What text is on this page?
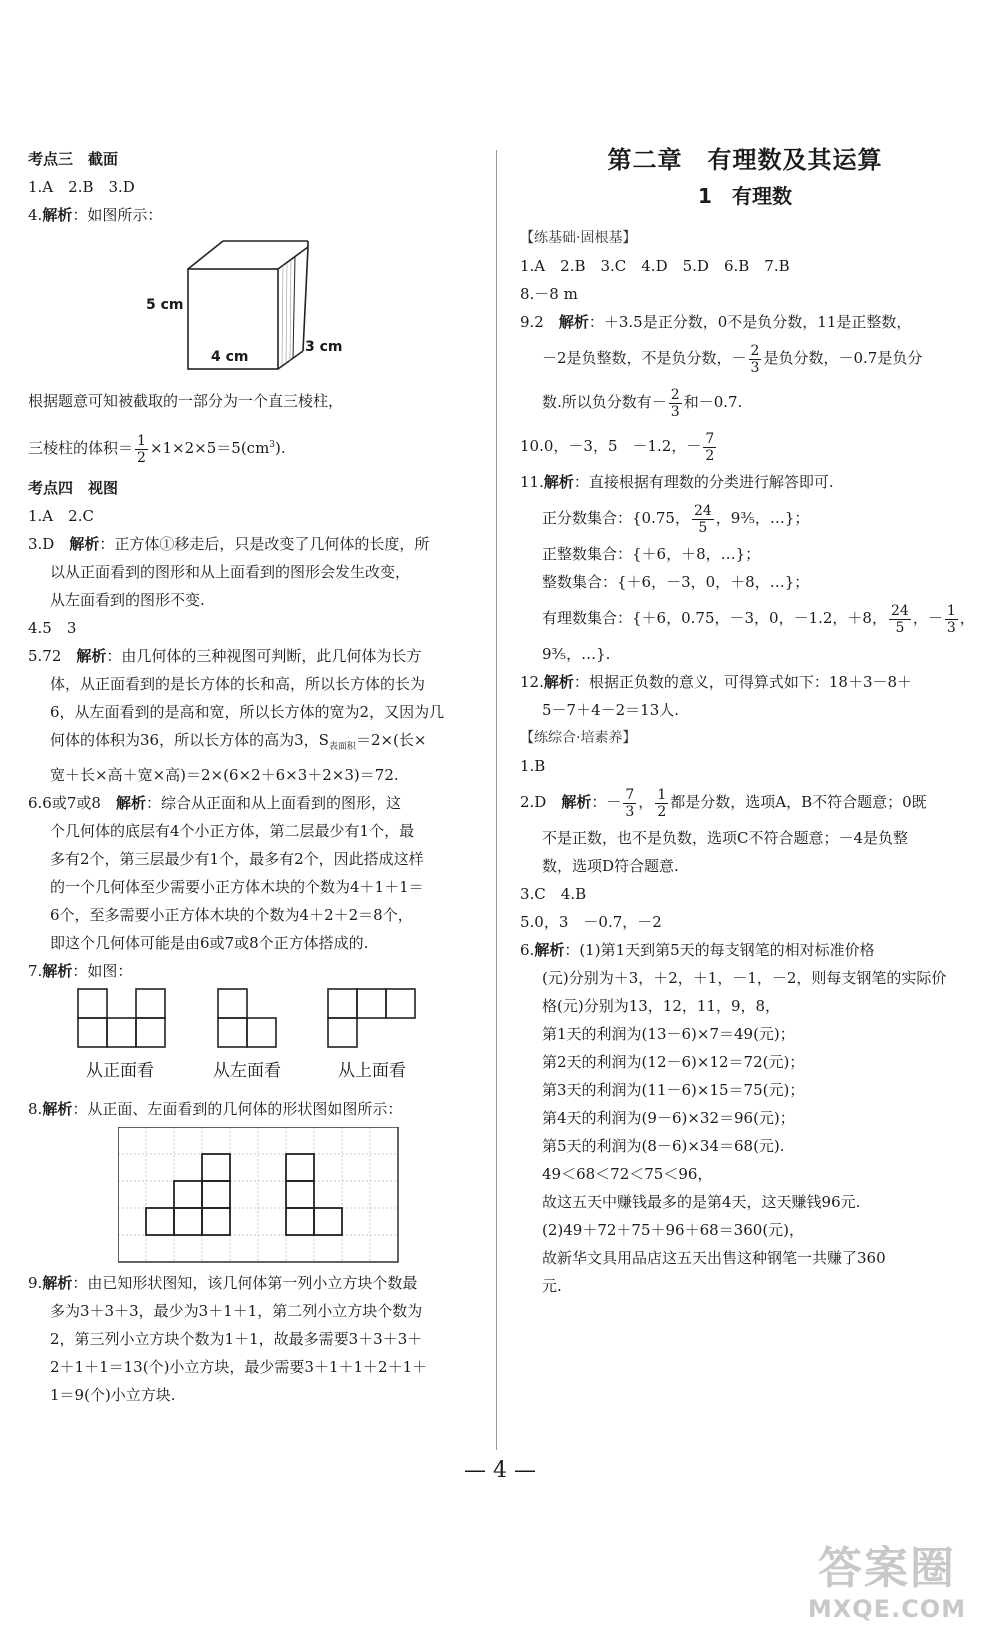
考点三　截面
1.A　2.B　3.D
4.解析：如图所示：
5 cm
4 cm
3 cm
根据题意可知被截取的一部分为一个直三棱柱，
三棱柱的体积＝ $\frac{1}{2} \times 1\times 2\times 5=5(cm^3)$.
考点四　视图
1.A　2.C
3.D　解析：正方体①移走后，只是改变了几何体的长度，所
以从正面看到的图形和从上面看到的图形会发生改变，
从左面看到的图形不变.
4.5　3
5.72　解析：由几何体的三种视图可判断，此几何体为长方
体，从正面看到的是长方体的长和高，所以长方体的长为
6，从左面看到的是高和宽，所以长方体的宽为2，又因为几
何体的体积为36，所以长方体的高为3，$S_{表面积}=2\times$(长×
宽＋长×高＋宽×高)＝2×(6×2＋6×3＋2×3)＝72.
6.6或7或8　解析：综合从正面和从上面看到的图形，这
个几何体的底层有4个小正方体，第二层最少有1个，最
多有2个，第三层最少有1个，最多有2个，因此搭成这样
的一个几何体至少需要小正方体木块的个数为4＋1＋1＝
6个，至多需要小正方体木块的个数为4＋2＋2＝8个，
即这个几何体可能是由6或7或8个正方体搭成的.
7.解析：如图：
从正面看	从左面看	从上面看
8.解析：从正面、左面看到的几何体的形状图如图所示：
9.解析：由已知形状图知，该几何体第一列小立方块个数最
多为3＋3＋3，最少为3＋1＋1，第二列小立方块个数为
2，第三列小立方块个数为1＋1，故最多需要3＋3＋3＋
2＋1＋1＝13(个)小立方块，最少需要3＋1＋1＋2＋1＋
1＝9(个)小立方块.
第二章　有理数及其运算
1　有理数
【练基础·固根基】
1.A　2.B　3.C　4.D　5.D　6.B　7.B
8.－8 m
9.2　解析：＋3.5是正分数，0不是负分数，11是正整数，
－2是负整数，不是负分数，－ $\frac{2}{3}$ 是负分数，－0.7是负分
数.所以负分数有－ $\frac{2}{3}$ 和－0.7.
10.0，－3，5　－1.2，－ $\frac{7}{2}$
11.解析：直接根据有理数的分类进行解答即可.
正分数集合：{0.75， $\frac{24}{5}$ ，9⅗，…}；
正整数集合：{＋6，＋8，…}；
整数集合：{＋6，－3，0，＋8，…}；
有理数集合：{＋6，0.75，－3，0，－1.2，＋8， $\frac{24}{5}$ ，－ $\frac{1}{3}$ ，
9⅗，…}.
12.解析：根据正负数的意义，可得算式如下：18＋3－8＋
5－7＋4－2＝13人.
【练综合·培素养】
1.B
2.D　解析：－ $\frac{7}{3}$ ， $\frac{1}{2}$ 都是分数，选项A，B不符合题意；0既
不是正数，也不是负数，选项C不符合题意；－4是负整
数，选项D符合题意.
3.C　4.B
5.0，3　－0.7，－2
6.解析：(1)第1天到第5天的每支钢笔的相对标准价格
(元)分别为＋3，＋2，＋1，－1，－2，则每支钢笔的实际价
格(元)分别为13，12，11，9，8，
第1天的利润为(13－6)×7＝49(元)；
第2天的利润为(12－6)×12＝72(元)；
第3天的利润为(11－6)×15＝75(元)；
第4天的利润为(9－6)×32＝96(元)；
第5天的利润为(8－6)×34＝68(元).
49＜68＜72＜75＜96，
故这五天中赚钱最多的是第4天，这天赚钱96元.
(2)49＋72＋75＋96＋68＝360(元)，
故新华文具用品店这五天出售这种钢笔一共赚了360
元.
— 4 —
答案圈
MXQE.COM
